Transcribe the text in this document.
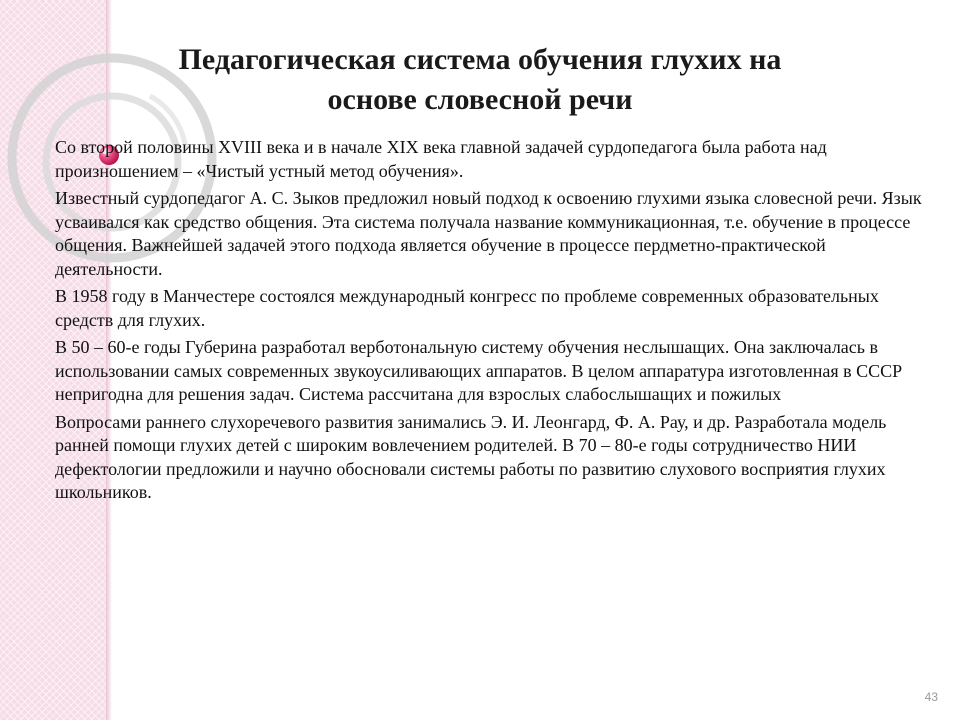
Педагогическая система обучения глухих на
основе словесной речи

Со второй половины XVIII века и в начале XIX века главной задачей сурдопедагога была работа над произношением – «Чистый устный метод обучения».

Известный сурдопедагог А. С. Зыков предложил новый подход к освоению глухими языка словесной речи. Язык усваивался как средство общения. Эта система получала название коммуникационная, т.е. обучение в процессе общения. Важнейшей задачей этого подхода является обучение в процессе пердметно-практической деятельности.

В 1958 году в Манчестере состоялся международный конгресс по проблеме современных образовательных средств для глухих.

В 50 – 60-е годы Губерина разработал верботональную систему обучения неслышащих. Она заключалась в использовании самых современных звукоусиливающих аппаратов. В целом аппаратура изготовленная в СССР непригодна для решения задач. Система рассчитана для взрослых слабослышащих и пожилых

Вопросами раннего слухоречевого развития занимались Э. И. Леонгард, Ф. А. Рау, и др. Разработала модель ранней помощи глухих детей с широким вовлечением родителей. В 70 – 80-е годы сотрудничество НИИ дефектологии предложили и научно обосновали системы работы по развитию слухового восприятия глухих школьников.

43
